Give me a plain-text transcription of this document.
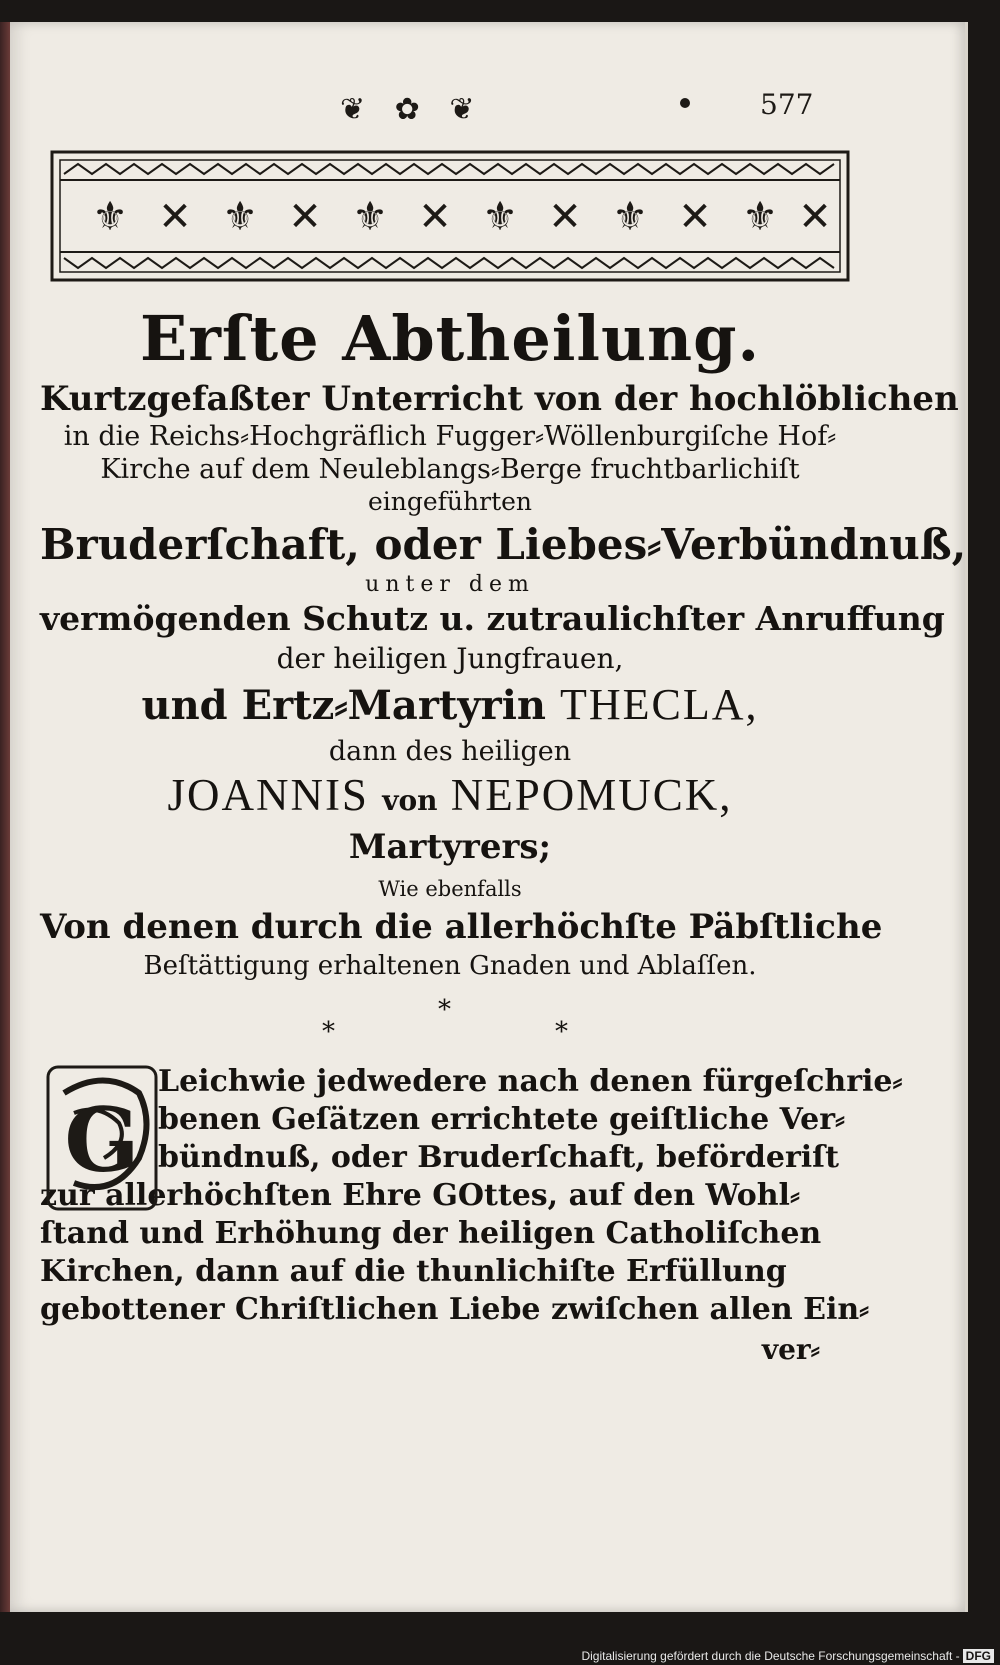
❦ ✿ ❦	577
⚜ ✕ ⚜ ✕ ⚜ ✕ ⚜ ✕ ⚜ ✕ ⚜ ✕
Erſte Abtheilung.
Kurtzgefaßter Unterricht von der hochlöblichen
in die Reichs⸗Hochgräflich Fugger⸗Wöllenburgiſche Hof⸗
Kirche auf dem Neuleblangs⸗Berge fruchtbarlichiſt
eingeführten
Bruderſchaft, oder Liebes⸗Verbündnuß,
unter dem
vermögenden Schutz u. zutraulichſter Anruffung
der heiligen Jungfrauen,
und Ertz⸗Martyrin THECLA,
dann des heiligen
JOANNIS von NEPOMUCK,
Martyrers;
Wie ebenfalls
Von denen durch die allerhöchſte Päbſtliche
Beſtättigung erhaltenen Gnaden und Ablaſſen.
*
*	*
G
Leichwie jedwedere nach denen fürgeſchrie⸗
benen Geſätzen errichtete geiſtliche Ver⸗
bündnuß, oder Bruderſchaft, beförderiſt
zur allerhöchſten Ehre GOttes, auf den Wohl⸗
ſtand und Erhöhung der heiligen Catholiſchen
Kirchen, dann auf die thunlichiſte Erfüllung
gebottener Chriſtlichen Liebe zwiſchen allen Ein⸗
ver⸗
Digitalisierung gefördert durch die Deutsche Forschungsgemeinschaft - DFG
